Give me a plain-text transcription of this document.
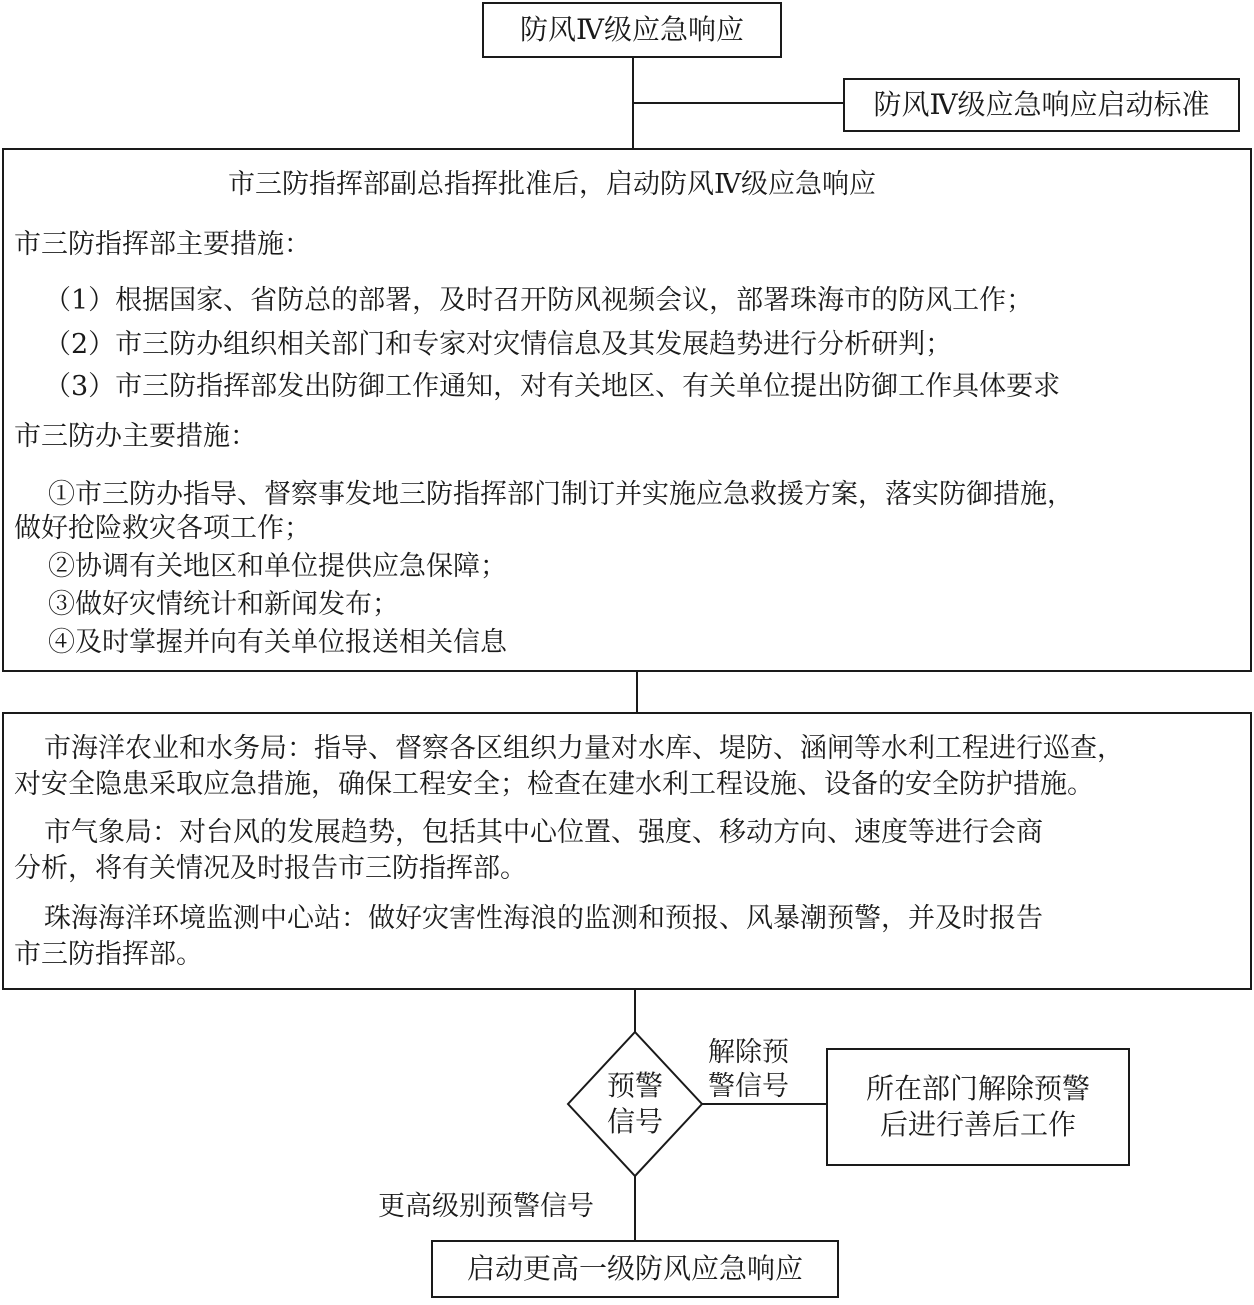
防风Ⅳ级应急响应
防风Ⅳ级应急响应启动标准
市三防指挥部副总指挥批准后，启动防风Ⅳ级应急响应
市三防指挥部主要措施：
（1）根据国家、省防总的部署，及时召开防风视频会议，部署珠海市的防风工作；
（2）市三防办组织相关部门和专家对灾情信息及其发展趋势进行分析研判；
（3）市三防指挥部发出防御工作通知，对有关地区、有关单位提出防御工作具体要求
市三防办主要措施：
①市三防办指导、督察事发地三防指挥部门制订并实施应急救援方案，落实防御措施，
做好抢险救灾各项工作；
②协调有关地区和单位提供应急保障；
③做好灾情统计和新闻发布；
④及时掌握并向有关单位报送相关信息
市海洋农业和水务局：指导、督察各区组织力量对水库、堤防、涵闸等水利工程进行巡查，
对安全隐患采取应急措施，确保工程安全；检查在建水利工程设施、设备的安全防护措施。
市气象局：对台风的发展趋势，包括其中心位置、强度、移动方向、速度等进行会商
分析，将有关情况及时报告市三防指挥部。
珠海海洋环境监测中心站：做好灾害性海浪的监测和预报、风暴潮预警，并及时报告
市三防指挥部。
预警
信号
解除预
警信号	所在部门解除预警
后进行善后工作
更高级别预警信号
启动更高一级防风应急响应
